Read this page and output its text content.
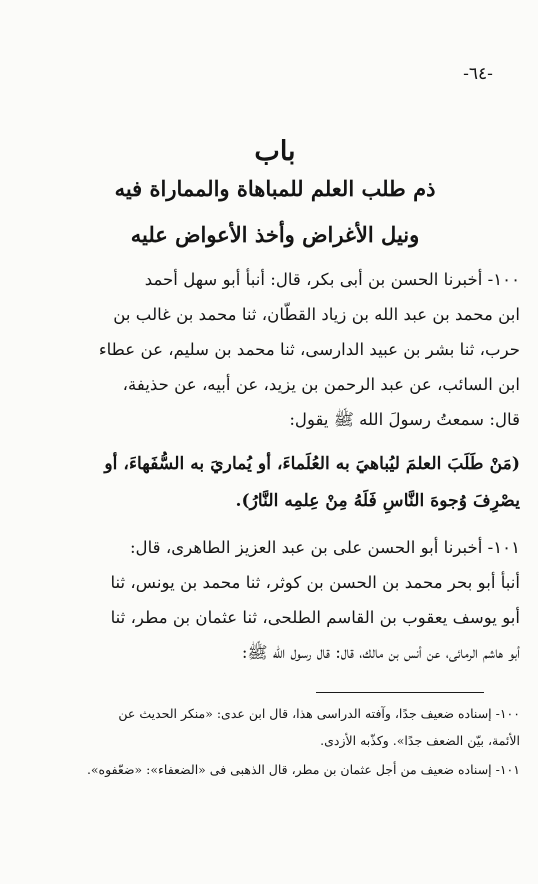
-٦٤-
باب
ذم طلب العلم للمباهاة والمماراة فيه
ونيل الأغراض وأخذ الأعواض عليه
١٠٠- أخبرنا الحسن بن أبى بكر، قال: أنبأ أبو سهل أحمد
ابن محمد بن عبد الله بن زياد القطّان، ثنا محمد بن غالب بن
حرب، ثنا بشر بن عبيد الدارسى، ثنا محمد بن سليم، عن عطاء
ابن السائب، عن عبد الرحمن بن يزيد، عن أبيه، عن حذيفة،
قال: سمعتُ رسولَ الله ﷺ يقول:
(مَنْ طَلَبَ العلمَ ليُباهيَ به العُلَماءَ، أو يُماريَ به السُّفَهاءَ، أو
يصْرِفَ وُجوهَ النَّاسِ فَلَهُ مِنْ عِلمِه النَّارُ).
١٠١- أخبرنا أبو الحسن على بن عبد العزيز الطاهرى، قال:
أنبأ أبو بحر محمد بن الحسن بن كوثر، ثنا محمد بن يونس، ثنا
أبو يوسف يعقوب بن القاسم الطلحى، ثنا عثمان بن مطر، ثنا
أبو هاشم الرمائى، عن أنس بن مالك، قال: قال رسول الله ﷺ:
١٠٠- إسناده ضعيف جدًا، وآفته الدراسى هذا، قال ابن عدى: «منكر الحديث عن
الأئمة، بيّن الضعف جدًا». وكذّبه الأزدى.
١٠١- إسناده ضعيف من أجل عثمان بن مطر، قال الذهبى فى «الضعفاء»: «ضعّفوه».
